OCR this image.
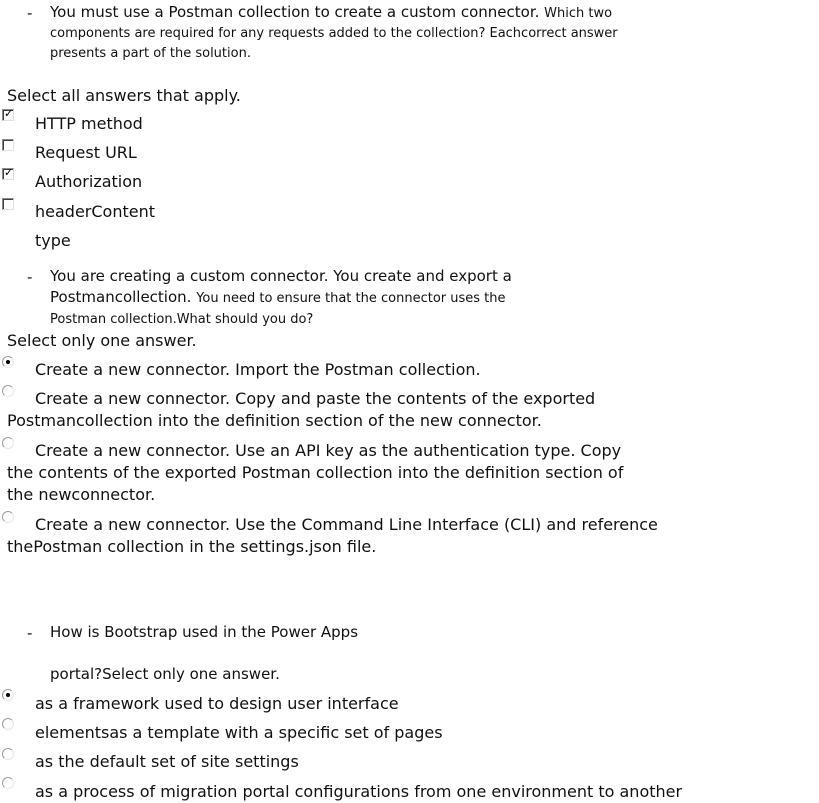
- You must use a Postman collection to create a custom connector. Which two
components are required for any requests added to the collection? Eachcorrect answer
presents a part of the solution.
Select all answers that apply.
✓
HTTP method
Request URL
✓ Authorization
headerContent
type
- You are creating a custom connector. You create and export a
Postmancollection. You need to ensure that the connector uses the
Postman collection.What should you do?
Select only one answer.
Create a new connector. Import the Postman collection.
Create a new connector. Copy and paste the contents of the exported
Postmancollection into the definition section of the new connector.
Create a new connector. Use an API key as the authentication type. Copy
the contents of the exported Postman collection into the definition section of
the newconnector.
Create a new connector. Use the Command Line Interface (CLI) and reference
thePostman collection in the settings.json file.
- How is Bootstrap used in the Power Apps
portal?Select only one answer.
as a framework used to design user interface
elementsas a template with a specific set of pages
as the default set of site settings
as a process of migration portal configurations from one environment to another
